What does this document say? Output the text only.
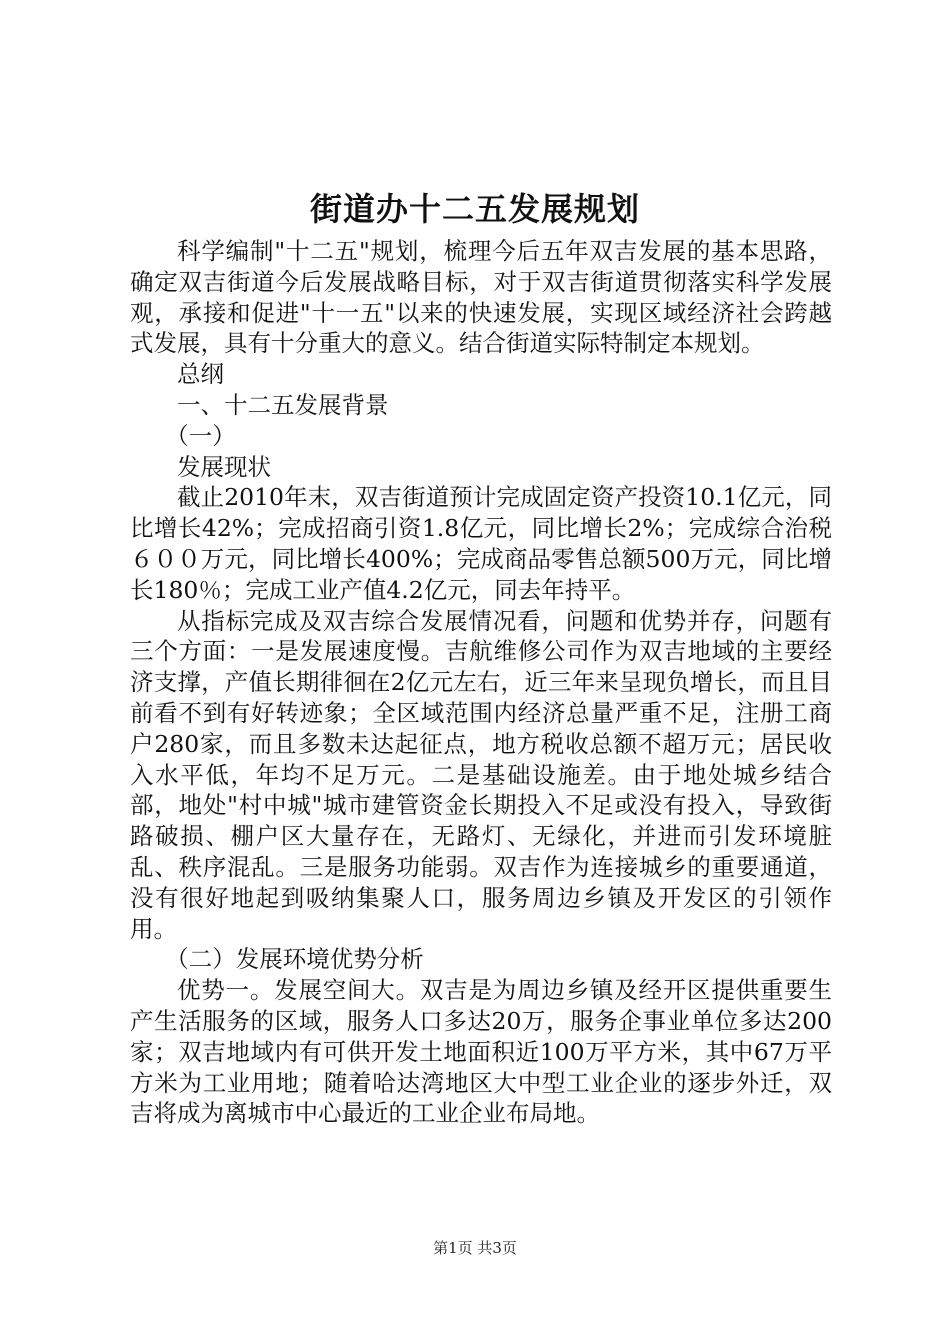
街道办十二五发展规划

科学编制"十二五"规划，梳理今后五年双吉发展的基本思路，确定双吉街道今后发展战略目标，对于双吉街道贯彻落实科学发展观，承接和促进"十一五"以来的快速发展，实现区域经济社会跨越式发展，具有十分重大的意义。结合街道实际特制定本规划。

总纲

一、十二五发展背景

（一）

发展现状

截止2010年末，双吉街道预计完成固定资产投资10.1亿元，同比增长42%；完成招商引资1.8亿元，同比增长2%；完成综合治税６００万元，同比增长400%；完成商品零售总额500万元，同比增长180％；完成工业产值4.2亿元，同去年持平。

从指标完成及双吉综合发展情况看，问题和优势并存，问题有三个方面：一是发展速度慢。吉航维修公司作为双吉地域的主要经济支撑，产值长期徘徊在2亿元左右，近三年来呈现负增长，而且目前看不到有好转迹象；全区域范围内经济总量严重不足，注册工商户280家，而且多数未达起征点，地方税收总额不超万元；居民收入水平低，年均不足万元。二是基础设施差。由于地处城乡结合部，地处"村中城"城市建管资金长期投入不足或没有投入，导致街路破损、棚户区大量存在，无路灯、无绿化，并进而引发环境脏乱、秩序混乱。三是服务功能弱。双吉作为连接城乡的重要通道，没有很好地起到吸纳集聚人口，服务周边乡镇及开发区的引领作用。

（二）发展环境优势分析

优势一。发展空间大。双吉是为周边乡镇及经开区提供重要生产生活服务的区域，服务人口多达20万，服务企事业单位多达200家；双吉地域内有可供开发土地面积近100万平方米，其中67万平方米为工业用地；随着哈达湾地区大中型工业企业的逐步外迁，双吉将成为离城市中心最近的工业企业布局地。

第1页 共3页
